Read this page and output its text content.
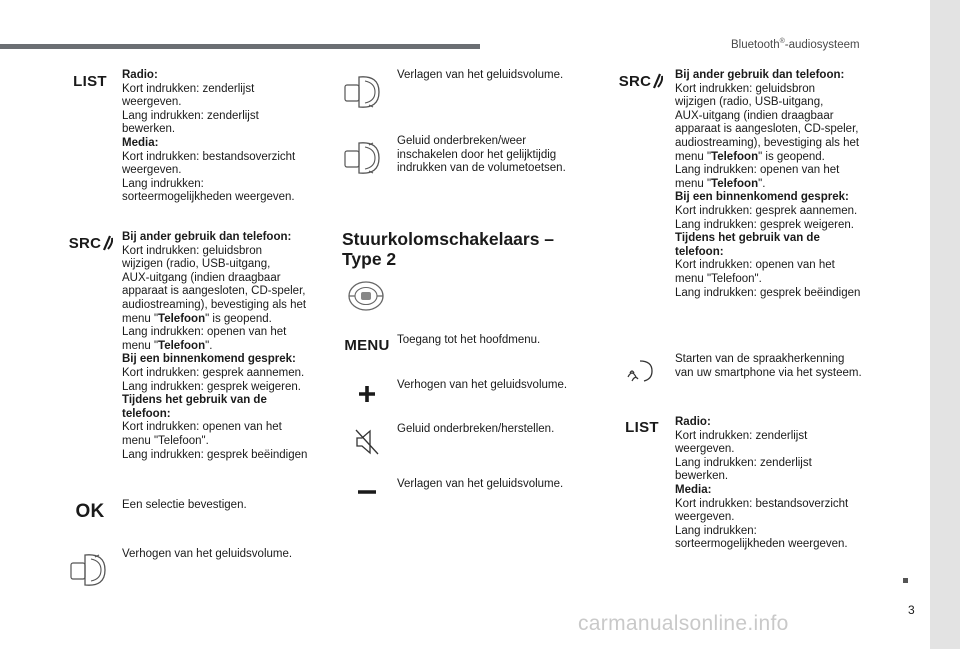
Bluetooth®-audiosysteem
LIST Radio:
Kort indrukken: zenderlijst
weergeven.
Lang indrukken: zenderlijst
bewerken.
Media:
Kort indrukken: bestandsoverzicht
weergeven.
Lang indrukken:
sorteermogelijkheden weergeven.
SRC Bij ander gebruik dan telefoon:
Kort indrukken: geluidsbron
wijzigen (radio, USB-uitgang,
AUX-uitgang (indien draagbaar
apparaat is aangesloten, CD-speler,
audiostreaming), bevestiging als het
menu "Telefoon" is geopend.
Lang indrukken: openen van het
menu "Telefoon".
Bij een binnenkomend gesprek:
Kort indrukken: gesprek aannemen.
Lang indrukken: gesprek weigeren.
Tijdens het gebruik van de
telefoon:
Kort indrukken: openen van het
menu "Telefoon".
Lang indrukken: gesprek beëindigen
OK Een selectie bevestigen.
Verhogen van het geluidsvolume.
Verlagen van het geluidsvolume.
Geluid onderbreken/weer
inschakelen door het gelijktijdig
indrukken van de volumetoetsen.
Stuurkolomschakelaars –
Type 2
MENU Toegang tot het hoofdmenu.
Verhogen van het geluidsvolume.
Geluid onderbreken/herstellen.
Verlagen van het geluidsvolume.
SRC Bij ander gebruik dan telefoon:
Kort indrukken: geluidsbron
wijzigen (radio, USB-uitgang,
AUX-uitgang (indien draagbaar
apparaat is aangesloten, CD-speler,
audiostreaming), bevestiging als het
menu "Telefoon" is geopend.
Lang indrukken: openen van het
menu "Telefoon".
Bij een binnenkomend gesprek:
Kort indrukken: gesprek aannemen.
Lang indrukken: gesprek weigeren.
Tijdens het gebruik van de
telefoon:
Kort indrukken: openen van het
menu "Telefoon".
Lang indrukken: gesprek beëindigen
Starten van de spraakherkenning
van uw smartphone via het systeem.
LIST Radio:
Kort indrukken: zenderlijst
weergeven.
Lang indrukken: zenderlijst
bewerken.
Media:
Kort indrukken: bestandsoverzicht
weergeven.
Lang indrukken:
sorteermogelijkheden weergeven.
3
carmanualsonline.info
